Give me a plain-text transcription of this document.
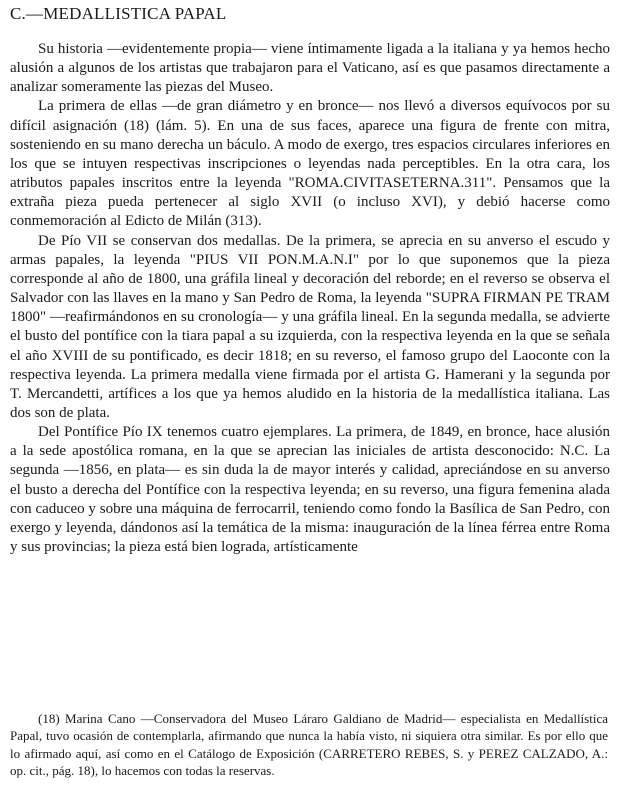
C.—MEDALLISTICA PAPAL

Su historia —evidentemente propia— viene íntimamente ligada a la italiana y ya hemos hecho alusión a algunos de los artistas que trabajaron para el Vaticano, así es que pasamos directamente a analizar someramente las piezas del Museo.

La primera de ellas —de gran diámetro y en bronce— nos llevó a diversos equívocos por su difícil asignación (18) (lám. 5). En una de sus faces, aparece una figura de frente con mitra, sosteniendo en su mano derecha un báculo. A modo de exergo, tres espacios circulares inferiores en los que se intuyen respectivas inscripciones o leyendas nada perceptibles. En la otra cara, los atributos papales inscritos entre la leyenda "ROMA.CIVITASETERNA.311". Pensamos que la extraña pieza pueda pertenecer al siglo XVII (o incluso XVI), y debió hacerse como conmemoración al Edicto de Milán (313).

De Pío VII se conservan dos medallas. De la primera, se aprecia en su anverso el escudo y armas papales, la leyenda "PIUS VII PON.M.A.N.I" por lo que suponemos que la pieza corresponde al año de 1800, una gráfila lineal y decoración del reborde; en el reverso se observa el Salvador con las llaves en la mano y San Pedro de Roma, la leyenda "SUPRA FIRMAN PE TRAM 1800" —reafirmándonos en su cronología— y una gráfila lineal. En la segunda medalla, se advierte el busto del pontífice con la tiara papal a su izquierda, con la respectiva leyenda en la que se señala el año XVIII de su pontificado, es decir 1818; en su reverso, el famoso grupo del Laoconte con la respectiva leyenda. La primera medalla viene firmada por el artista G. Hamerani y la segunda por T. Mercandetti, artífices a los que ya hemos aludido en la historia de la medallística italiana. Las dos son de plata.

Del Pontífice Pío IX tenemos cuatro ejemplares. La primera, de 1849, en bronce, hace alusión a la sede apostólica romana, en la que se aprecian las iniciales de artista desconocido: N.C. La segunda —1856, en plata— es sin duda la de mayor interés y calidad, apreciándose en su anverso el busto a derecha del Pontífice con la respectiva leyenda; en su reverso, una figura femenina alada con caduceo y sobre una máquina de ferrocarril, teniendo como fondo la Basílica de San Pedro, con exergo y leyenda, dándonos así la temática de la misma: inauguración de la línea férrea entre Roma y sus provincias; la pieza está bien lograda, artísticamente

(18) Marina Cano —Conservadora del Museo Láraro Galdiano de Madrid— especialista en Medallística Papal, tuvo ocasión de contemplarla, afirmando que nunca la había visto, ni siquiera otra similar. Es por ello que lo afirmado aquí, así como en el Catálogo de Exposición (CARRETERO REBES, S. y PEREZ CALZADO, A.: op. cit., pág. 18), lo hacemos con todas la reservas.
